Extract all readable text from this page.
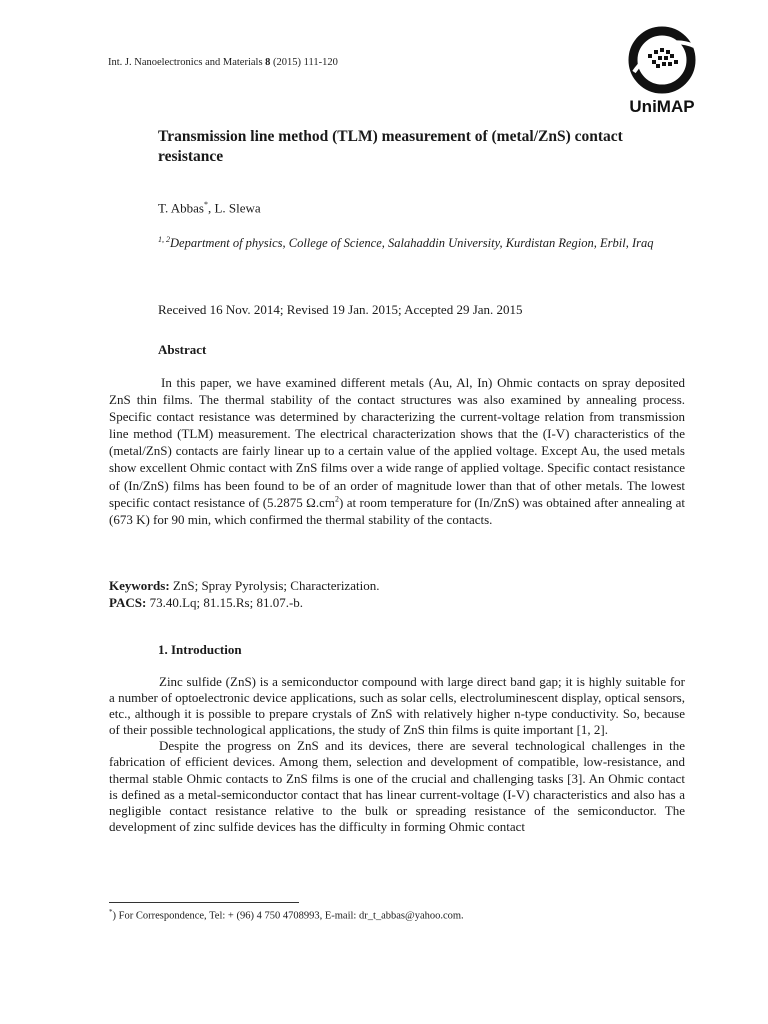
Int. J. Nanoelectronics and Materials 8 (2015) 111-120
UniMAP
Transmission line method (TLM) measurement of (metal/ZnS) contact resistance
T. Abbas*, L. Slewa
$^{1, 2}$Department of physics, College of Science, Salahaddin University, Kurdistan Region, Erbil, Iraq
Received 16 Nov. 2014; Revised 19 Jan. 2015; Accepted 29 Jan. 2015
Abstract

In this paper, we have examined different metals (Au, Al, In) Ohmic contacts on spray deposited ZnS thin films. The thermal stability of the contact structures was also examined by annealing process. Specific contact resistance was determined by characterizing the current-voltage relation from transmission line method (TLM) measurement. The electrical characterization shows that the (I-V) characteristics of the (metal/ZnS) contacts are fairly linear up to a certain value of the applied voltage. Except Au, the used metals show excellent Ohmic contact with ZnS films over a wide range of applied voltage. Specific contact resistance of (In/ZnS) films has been found to be of an order of magnitude lower than that of other metals. The lowest specific contact resistance of (5.2875 $\Omega.cm^2$) at room temperature for (In/ZnS) was obtained after annealing at (673 K) for 90 min, which confirmed the thermal stability of the contacts.

Keywords: ZnS; Spray Pyrolysis; Characterization.
PACS: 73.40.Lq; 81.15.Rs; 81.07.-b.
1. Introduction

Zinc sulfide (ZnS) is a semiconductor compound with large direct band gap; it is highly suitable for a number of optoelectronic device applications, such as solar cells, electroluminescent display, optical sensors, etc., although it is possible to prepare crystals of ZnS with relatively higher n-type conductivity. So, because of their possible technological applications, the study of ZnS thin films is quite important [1, 2].

Despite the progress on ZnS and its devices, there are several technological challenges in the fabrication of efficient devices. Among them, selection and development of compatible, low-resistance, and thermal stable Ohmic contacts to ZnS films is one of the crucial and challenging tasks [3]. An Ohmic contact is defined as a metal-semiconductor contact that has linear current-voltage (I-V) characteristics and also has a negligible contact resistance relative to the bulk or spreading resistance of the semiconductor. The development of zinc sulfide devices has the difficulty in forming Ohmic contact

*) For Correspondence, Tel: + (96) 4 750 4708993, E-mail: dr_t_abbas@yahoo.com.
